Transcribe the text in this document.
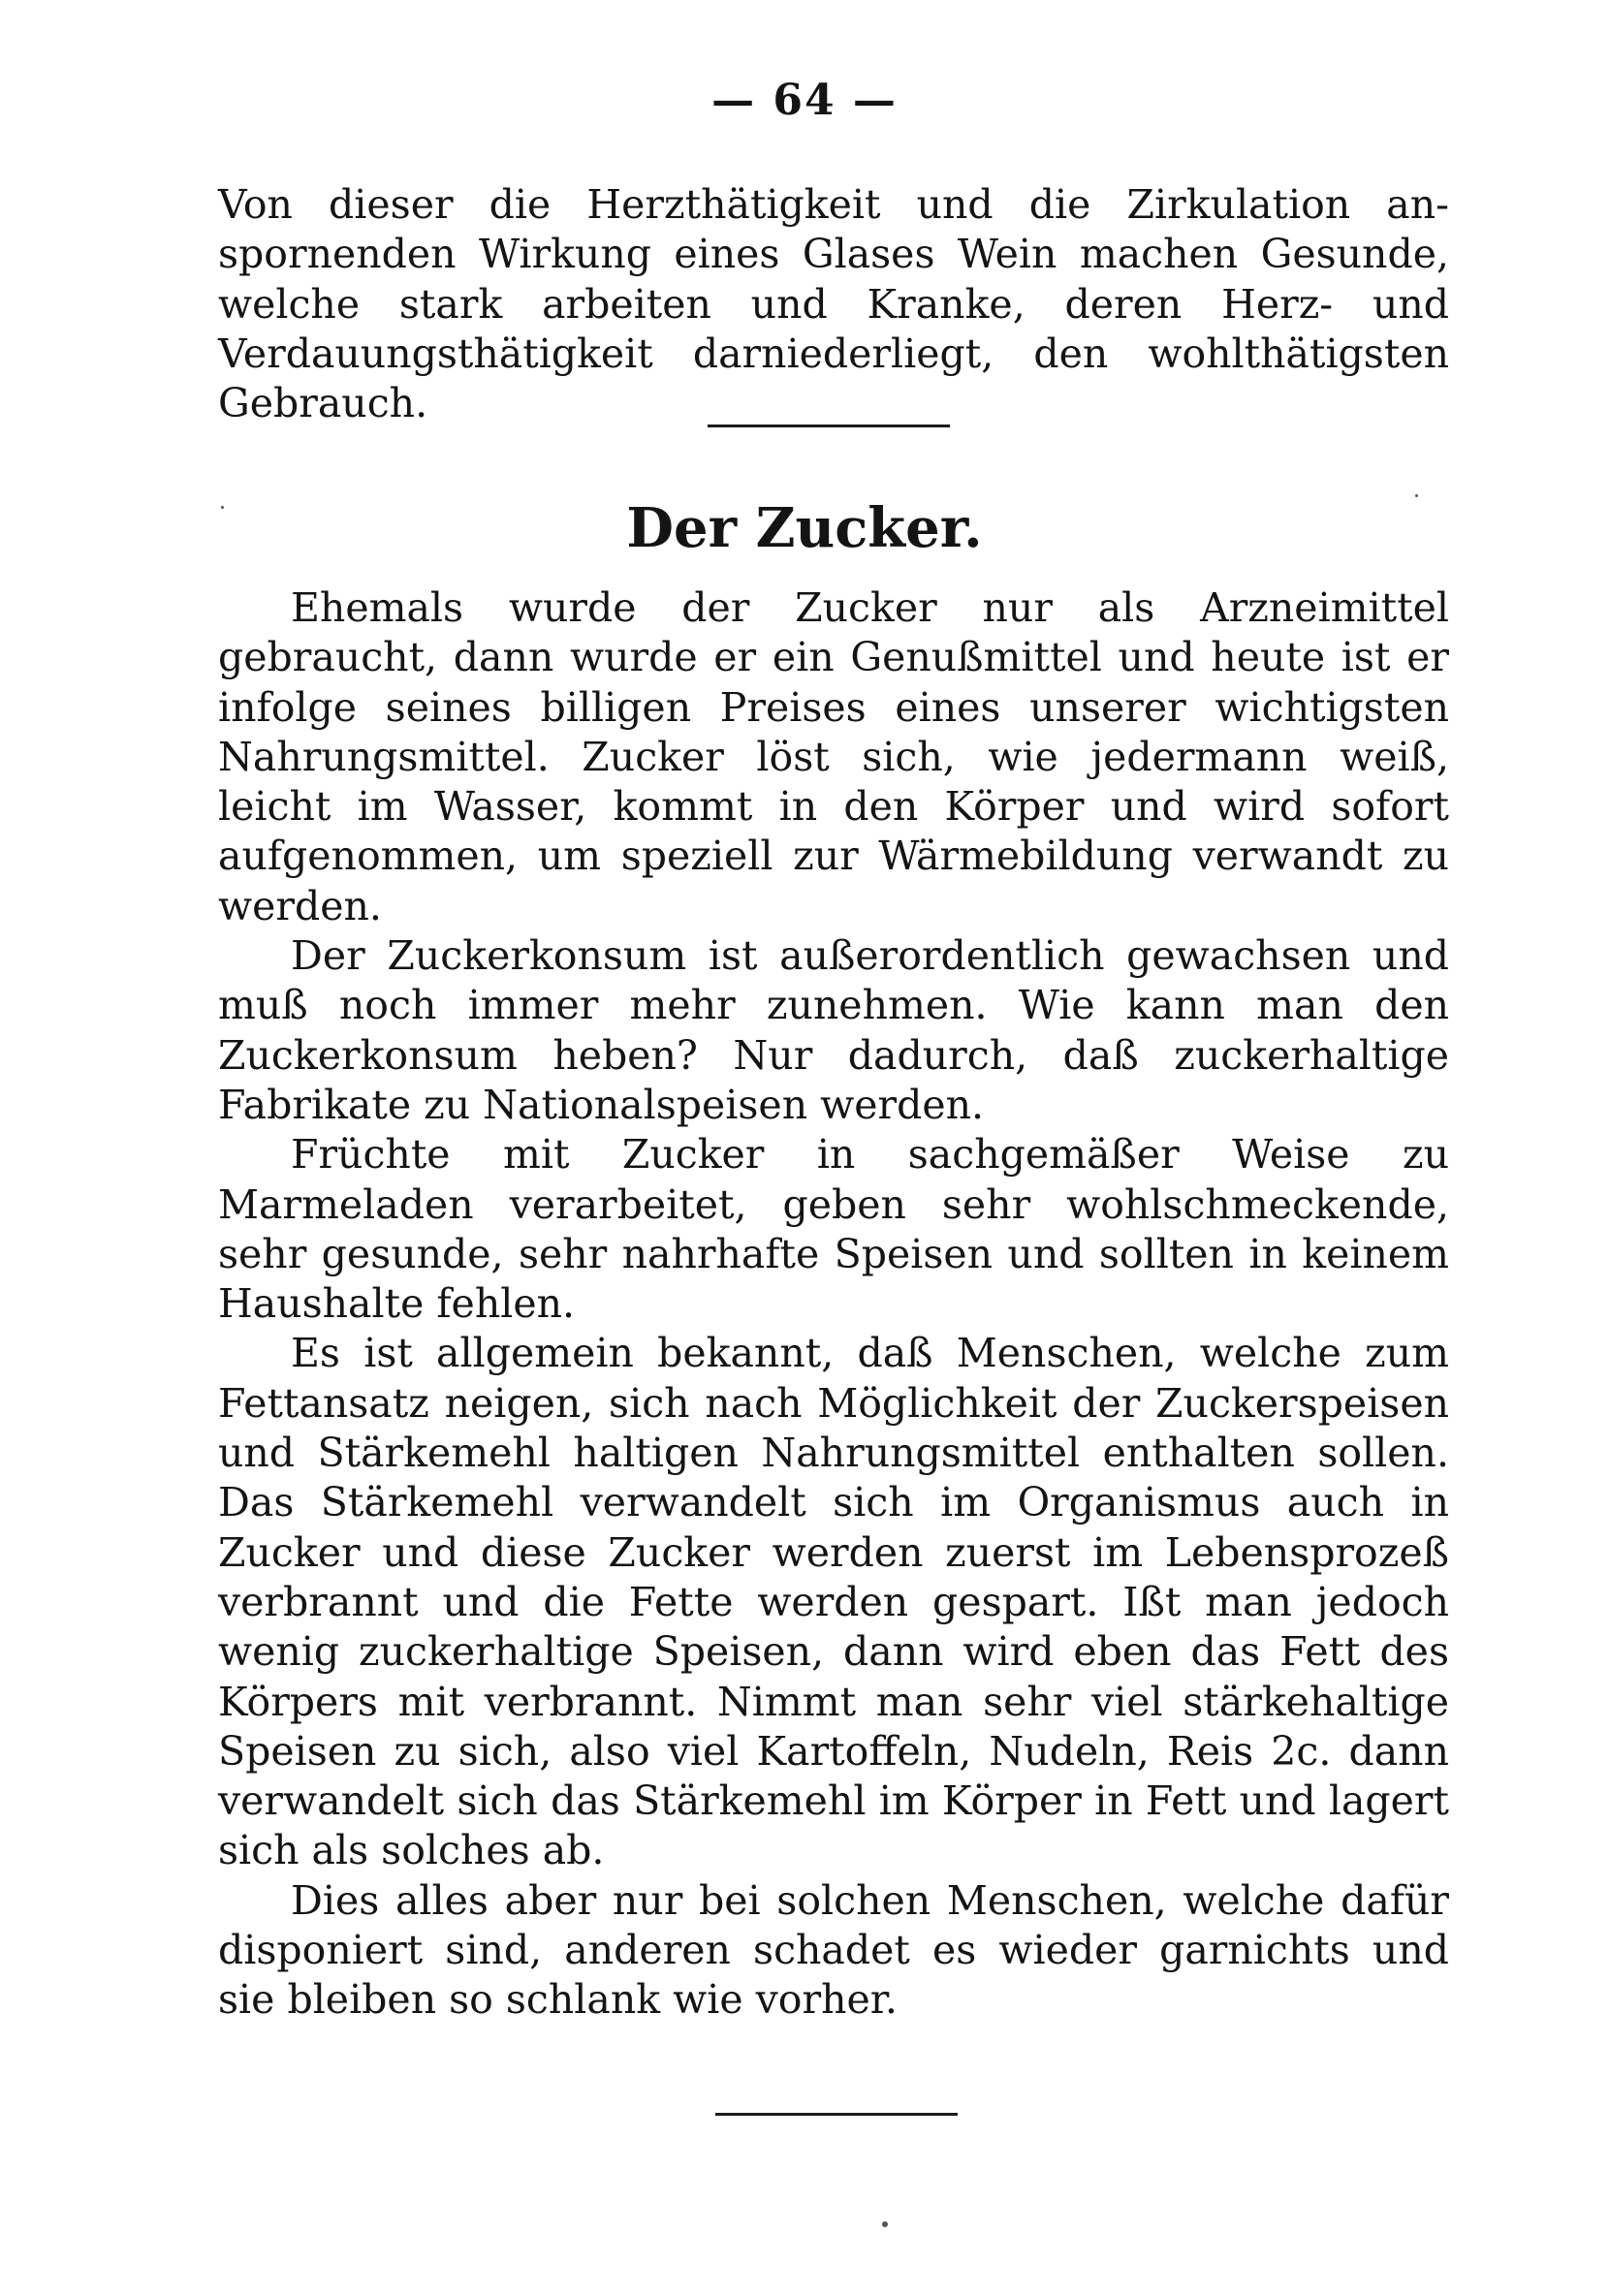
— 64 —

Von dieser die Herzthätigkeit und die Zirkulation an-spornenden Wirkung eines Glases Wein machen Gesunde, welche stark arbeiten und Kranke, deren Herz- und Verdauungsthätigkeit darniederliegt, den wohlthätigsten Gebrauch.

Der Zucker.

Ehemals wurde der Zucker nur als Arzneimittel gebraucht, dann wurde er ein Genußmittel und heute ist er infolge seines billigen Preises eines unserer wichtigsten Nahrungsmittel. Zucker löst sich, wie jedermann weiß, leicht im Wasser, kommt in den Körper und wird sofort aufgenommen, um speziell zur Wärmebildung verwandt zu werden.

Der Zuckerkonsum ist außerordentlich gewachsen und muß noch immer mehr zunehmen. Wie kann man den Zuckerkonsum heben? Nur dadurch, daß zuckerhaltige Fabrikate zu Nationalspeisen werden.

Früchte mit Zucker in sachgemäßer Weise zu Marmeladen verarbeitet, geben sehr wohlschmeckende, sehr gesunde, sehr nahrhafte Speisen und sollten in keinem Haushalte fehlen.

Es ist allgemein bekannt, daß Menschen, welche zum Fettansatz neigen, sich nach Möglichkeit der Zuckerspeisen und Stärkemehl haltigen Nahrungsmittel enthalten sollen. Das Stärkemehl verwandelt sich im Organismus auch in Zucker und diese Zucker werden zuerst im Lebensprozeß verbrannt und die Fette werden gespart. Ißt man jedoch wenig zuckerhaltige Speisen, dann wird eben das Fett des Körpers mit verbrannt. Nimmt man sehr viel stärkehaltige Speisen zu sich, also viel Kartoffeln, Nudeln, Reis 2c. dann verwandelt sich das Stärkemehl im Körper in Fett und lagert sich als solches ab.

Dies alles aber nur bei solchen Menschen, welche dafür disponiert sind, anderen schadet es wieder garnichts und sie bleiben so schlank wie vorher.
